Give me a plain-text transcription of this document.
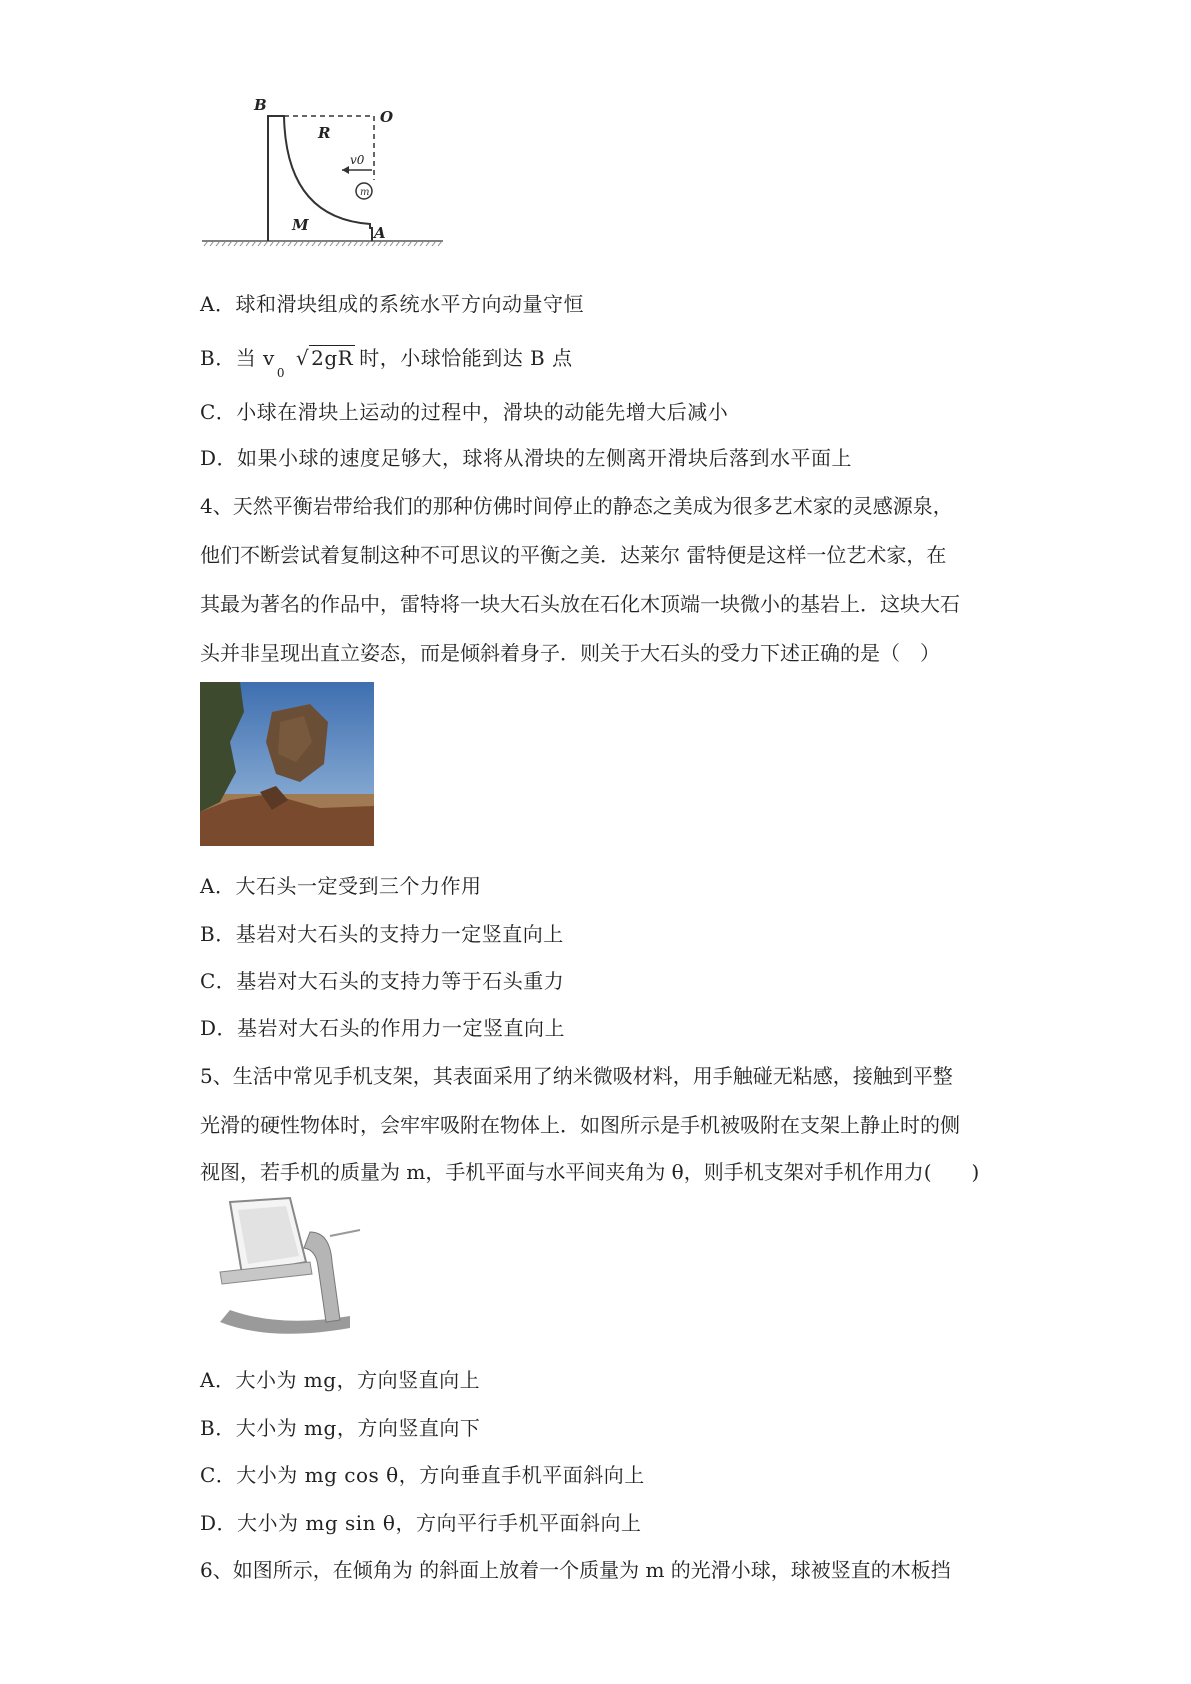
m
B
O
R
v0
M	A
A．球和滑块组成的系统水平方向动量守恒
B．当 $v_0$ √ 2gR 时，小球恰能到达 B 点
C．小球在滑块上运动的过程中，滑块的动能先增大后减小
D．如果小球的速度足够大，球将从滑块的左侧离开滑块后落到水平面上
4、天然平衡岩带给我们的那种仿佛时间停止的静态之美成为很多艺术家的灵感源泉，
他们不断尝试着复制这种不可思议的平衡之美．达莱尔 雷特便是这样一位艺术家，在
其最为著名的作品中，雷特将一块大石头放在石化木顶端一块微小的基岩上．这块大石
头并非呈现出直立姿态，而是倾斜着身子．则关于大石头的受力下述正确的是（　）
A．大石头一定受到三个力作用
B．基岩对大石头的支持力一定竖直向上
C．基岩对大石头的支持力等于石头重力
D．基岩对大石头的作用力一定竖直向上
5、生活中常见手机支架，其表面采用了纳米微吸材料，用手触碰无粘感，接触到平整
光滑的硬性物体时，会牢牢吸附在物体上．如图所示是手机被吸附在支架上静止时的侧
视图，若手机的质量为 m，手机平面与水平间夹角为 θ，则手机支架对手机作用力(　　)
A．大小为 mg，方向竖直向上
B．大小为 mg，方向竖直向下
C．大小为 mg cos θ，方向垂直手机平面斜向上
D．大小为 mg sin θ，方向平行手机平面斜向上
6、如图所示，在倾角为 的斜面上放着一个质量为 m 的光滑小球，球被竖直的木板挡
